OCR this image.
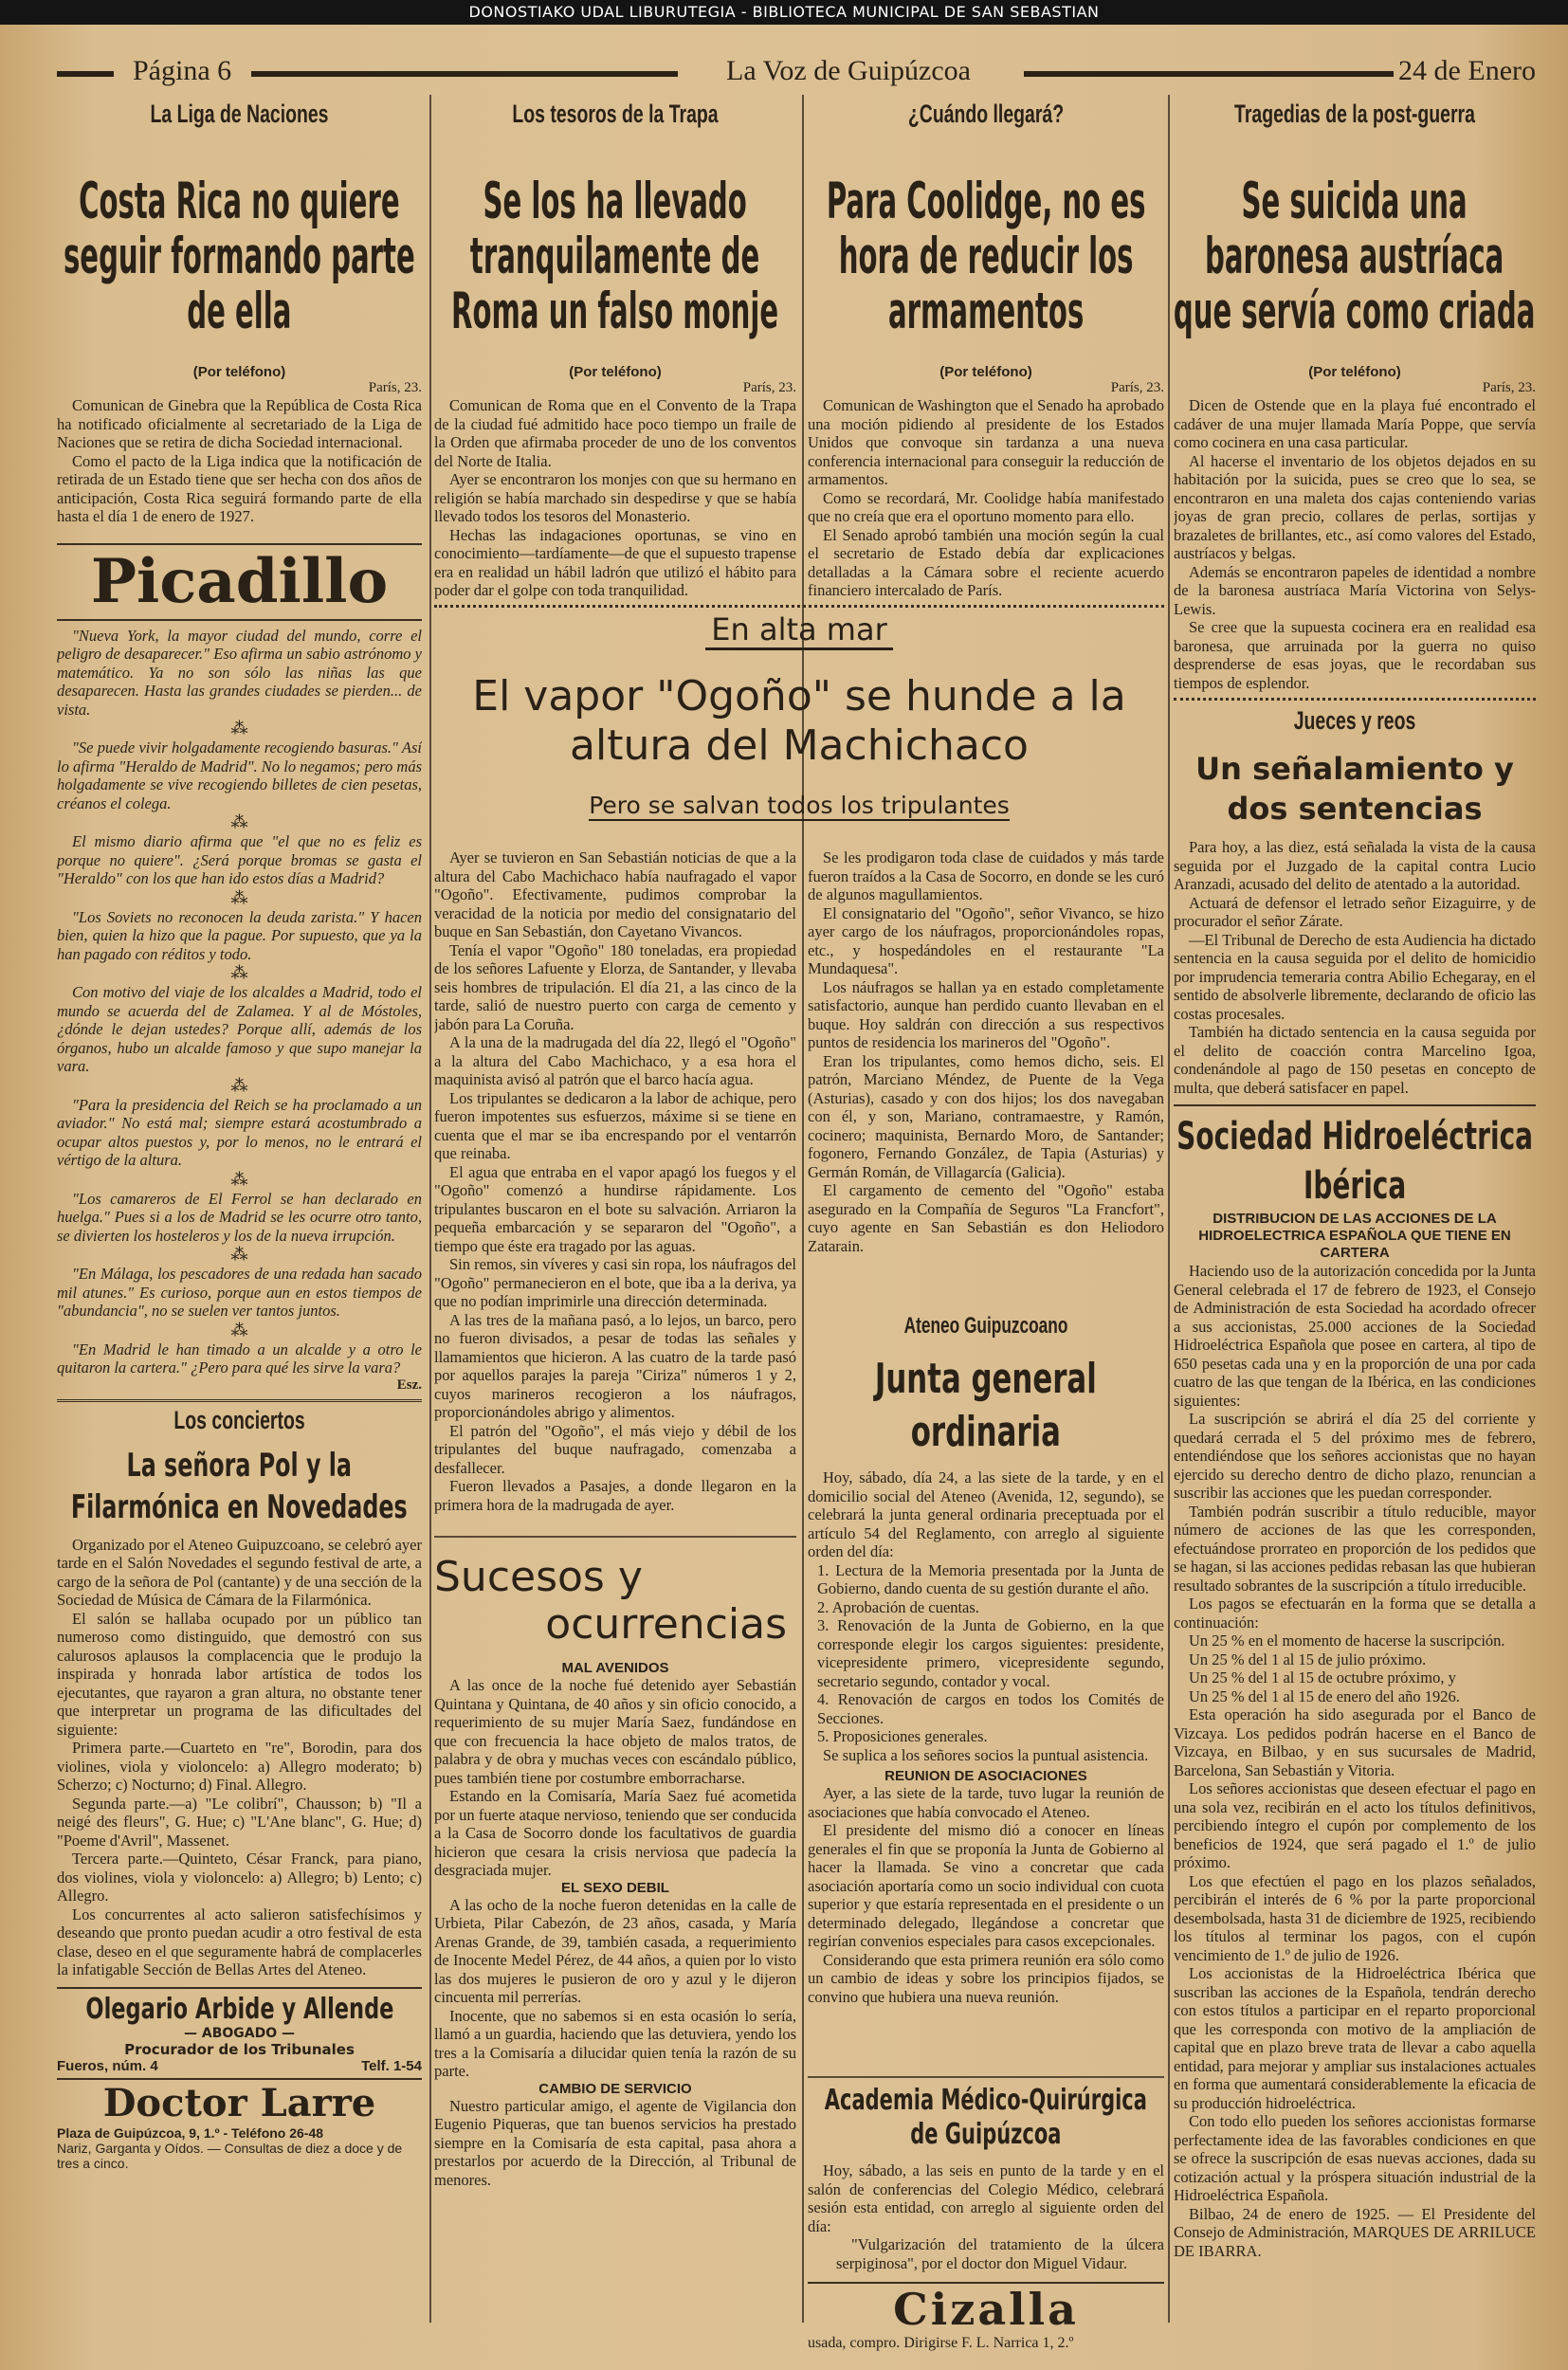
DONOSTIAKO UDAL LIBURUTEGIA - BIBLIOTECA MUNICIPAL DE SAN SEBASTIAN
Página 6	La Voz de Guipúzcoa	24 de Enero
La Liga de Naciones
Costa Rica no quiere seguir formando parte de ella
(Por teléfono)
París, 23.
Comunican de Ginebra que la República de Costa Rica ha notificado oficialmente al secretariado de la Liga de Naciones que se retira de dicha Sociedad internacional.
Como el pacto de la Liga indica que la notificación de retirada de un Estado tiene que ser hecha con dos años de anticipación, Costa Rica seguirá formando parte de ella hasta el día 1 de enero de 1927.
Picadillo
"Nueva York, la mayor ciudad del mundo, corre el peligro de desaparecer." Eso afirma un sabio astrónomo y matemático. Ya no son sólo las niñas las que desaparecen. Hasta las grandes ciudades se pierden... de vista.
⁂
"Se puede vivir holgadamente recogiendo basuras." Así lo afirma "Heraldo de Madrid". No lo negamos; pero más holgadamente se vive recogiendo billetes de cien pesetas, créanos el colega.
⁂
El mismo diario afirma que "el que no es feliz es porque no quiere". ¿Será porque bromas se gasta el "Heraldo" con los que han ido estos días a Madrid?
⁂
"Los Soviets no reconocen la deuda zarista." Y hacen bien, quien la hizo que la pague. Por supuesto, que ya la han pagado con réditos y todo.
⁂
Con motivo del viaje de los alcaldes a Madrid, todo el mundo se acuerda del de Zalamea. Y al de Móstoles, ¿dónde le dejan ustedes? Porque allí, además de los órganos, hubo un alcalde famoso y que supo manejar la vara.
⁂
"Para la presidencia del Reich se ha proclamado a un aviador." No está mal; siempre estará acostumbrado a ocupar altos puestos y, por lo menos, no le entrará el vértigo de la altura.
⁂
"Los camareros de El Ferrol se han declarado en huelga." Pues si a los de Madrid se les ocurre otro tanto, se divierten los hosteleros y los de la nueva irrupción.
⁂
"En Málaga, los pescadores de una redada han sacado mil atunes." Es curioso, porque aun en estos tiempos de "abundancia", no se suelen ver tantos juntos.
⁂
"En Madrid le han timado a un alcalde y a otro le quitaron la cartera." ¿Pero para qué les sirve la vara?
Esz.
Los conciertos
La señora Pol y la Filarmónica en Novedades
Organizado por el Ateneo Guipuzcoano, se celebró ayer tarde en el Salón Novedades el segundo festival de arte, a cargo de la señora de Pol (cantante) y de una sección de la Sociedad de Música de Cámara de la Filarmónica.
El salón se hallaba ocupado por un público tan numeroso como distinguido, que demostró con sus calurosos aplausos la complacencia que le produjo la inspirada y honrada labor artística de todos los ejecutantes, que rayaron a gran altura, no obstante tener que interpretar un programa de las dificultades del siguiente:
Primera parte.—Cuarteto en "re", Borodin, para dos violines, viola y violoncelo: a) Allegro moderato; b) Scherzo; c) Nocturno; d) Final. Allegro.
Segunda parte.—a) "Le colibrí", Chausson; b) "Il a neigé des fleurs", G. Hue; c) "L'Ane blanc", G. Hue; d) "Poeme d'Avril", Massenet.
Tercera parte.—Quinteto, César Franck, para piano, dos violines, viola y violoncelo: a) Allegro; b) Lento; c) Allegro.
Los concurrentes al acto salieron satisfechísimos y deseando que pronto puedan acudir a otro festival de esta clase, deseo en el que seguramente habrá de complacerles la infatigable Sección de Bellas Artes del Ateneo.
Olegario Arbide y Allende
— ABOGADO —
Procurador de los Tribunales
Fueros, núm. 4	Telf. 1-54
Doctor Larre
Plaza de Guipúzcoa, 9, 1.º - Teléfono 26-48
Nariz, Garganta y Oídos. — Consultas de diez a doce y de tres a cinco.
Los tesoros de la Trapa
Se los ha llevado tranquilamente de Roma un falso monje
(Por teléfono)
París, 23.
Comunican de Roma que en el Convento de la Trapa de la ciudad fué admitido hace poco tiempo un fraile de la Orden que afirmaba proceder de uno de los conventos del Norte de Italia.
Ayer se encontraron los monjes con que su hermano en religión se había marchado sin despedirse y que se había llevado todos los tesoros del Monasterio.
Hechas las indagaciones oportunas, se vino en conocimiento—tardíamente—de que el supuesto trapense era en realidad un hábil ladrón que utilizó el hábito para poder dar el golpe con toda tranquilidad.
¿Cuándo llegará?
Para Coolidge, no es hora de reducir los armamentos
(Por teléfono)
París, 23.
Comunican de Washington que el Senado ha aprobado una moción pidiendo al presidente de los Estados Unidos que convoque sin tardanza a una nueva conferencia internacional para conseguir la reducción de armamentos.
Como se recordará, Mr. Coolidge había manifestado que no creía que era el oportuno momento para ello.
El Senado aprobó también una moción según la cual el secretario de Estado debía dar explicaciones detalladas a la Cámara sobre el reciente acuerdo financiero intercalado de París.
En alta mar
El vapor "Ogoño" se hunde a la altura del Machichaco
Pero se salvan todos los tripulantes
Ayer se tuvieron en San Sebastián noticias de que a la altura del Cabo Machichaco había naufragado el vapor "Ogoño". Efectivamente, pudimos comprobar la veracidad de la noticia por medio del consignatario del buque en San Sebastián, don Cayetano Vivancos.
Tenía el vapor "Ogoño" 180 toneladas, era propiedad de los señores Lafuente y Elorza, de Santander, y llevaba seis hombres de tripulación. El día 21, a las cinco de la tarde, salió de nuestro puerto con carga de cemento y jabón para La Coruña.
A la una de la madrugada del día 22, llegó el "Ogoño" a la altura del Cabo Machichaco, y a esa hora el maquinista avisó al patrón que el barco hacía agua.
Los tripulantes se dedicaron a la labor de achique, pero fueron impotentes sus esfuerzos, máxime si se tiene en cuenta que el mar se iba encrespando por el ventarrón que reinaba.
El agua que entraba en el vapor apagó los fuegos y el "Ogoño" comenzó a hundirse rápidamente. Los tripulantes buscaron en el bote su salvación. Arriaron la pequeña embarcación y se separaron del "Ogoño", a tiempo que éste era tragado por las aguas.
Sin remos, sin víveres y casi sin ropa, los náufragos del "Ogoño" permanecieron en el bote, que iba a la deriva, ya que no podían imprimirle una dirección determinada.
A las tres de la mañana pasó, a lo lejos, un barco, pero no fueron divisados, a pesar de todas las señales y llamamientos que hicieron. A las cuatro de la tarde pasó por aquellos parajes la pareja "Ciriza" números 1 y 2, cuyos marineros recogieron a los náufragos, proporcionándoles abrigo y alimentos.
El patrón del "Ogoño", el más viejo y débil de los tripulantes del buque naufragado, comenzaba a desfallecer.
Fueron llevados a Pasajes, a donde llegaron en la primera hora de la madrugada de ayer.
Se les prodigaron toda clase de cuidados y más tarde fueron traídos a la Casa de Socorro, en donde se les curó de algunos magullamientos.
El consignatario del "Ogoño", señor Vivanco, se hizo ayer cargo de los náufragos, proporcionándoles ropas, etc., y hospedándoles en el restaurante "La Mundaquesa".
Los náufragos se hallan ya en estado completamente satisfactorio, aunque han perdido cuanto llevaban en el buque. Hoy saldrán con dirección a sus respectivos puntos de residencia los marineros del "Ogoño".
Eran los tripulantes, como hemos dicho, seis. El patrón, Marciano Méndez, de Puente de la Vega (Asturias), casado y con dos hijos; los dos navegaban con él, y son, Mariano, contramaestre, y Ramón, cocinero; maquinista, Bernardo Moro, de Santander; fogonero, Fernando González, de Tapia (Asturias) y Germán Román, de Villagarcía (Galicia).
El cargamento de cemento del "Ogoño" estaba asegurado en la Compañía de Seguros "La Francfort", cuyo agente en San Sebastián es don Heliodoro Zatarain.
Ateneo Guipuzcoano
Junta general ordinaria
Hoy, sábado, día 24, a las siete de la tarde, y en el domicilio social del Ateneo (Avenida, 12, segundo), se celebrará la junta general ordinaria preceptuada por el artículo 54 del Reglamento, con arreglo al siguiente orden del día:
1. Lectura de la Memoria presentada por la Junta de Gobierno, dando cuenta de su gestión durante el año.
2. Aprobación de cuentas.
3. Renovación de la Junta de Gobierno, en la que corresponde elegir los cargos siguientes: presidente, vicepresidente primero, vicepresidente segundo, secretario segundo, contador y vocal.
4. Renovación de cargos en todos los Comités de Secciones.
5. Proposiciones generales.
Se suplica a los señores socios la puntual asistencia.
REUNION DE ASOCIACIONES
Ayer, a las siete de la tarde, tuvo lugar la reunión de asociaciones que había convocado el Ateneo.
El presidente del mismo dió a conocer en líneas generales el fin que se proponía la Junta de Gobierno al hacer la llamada. Se vino a concretar que cada asociación aportaría como un socio individual con cuota superior y que estaría representada en el presidente o un determinado delegado, llegándose a concretar que regirían convenios especiales para casos excepcionales.
Considerando que esta primera reunión era sólo como un cambio de ideas y sobre los principios fijados, se convino que hubiera una nueva reunión.
Sucesos y
ocurrencias
MAL AVENIDOS
A las once de la noche fué detenido ayer Sebastián Quintana y Quintana, de 40 años y sin oficio conocido, a requerimiento de su mujer María Saez, fundándose en que con frecuencia la hace objeto de malos tratos, de palabra y de obra y muchas veces con escándalo público, pues también tiene por costumbre emborracharse.
Estando en la Comisaría, María Saez fué acometida por un fuerte ataque nervioso, teniendo que ser conducida a la Casa de Socorro donde los facultativos de guardia hicieron que cesara la crisis nerviosa que padecía la desgraciada mujer.
EL SEXO DEBIL
A las ocho de la noche fueron detenidas en la calle de Urbieta, Pilar Cabezón, de 23 años, casada, y María Arenas Grande, de 39, también casada, a requerimiento de Inocente Medel Pérez, de 44 años, a quien por lo visto las dos mujeres le pusieron de oro y azul y le dijeron cincuenta mil perrerías.
Inocente, que no sabemos si en esta ocasión lo sería, llamó a un guardia, haciendo que las detuviera, yendo los tres a la Comisaría a dilucidar quien tenía la razón de su parte.
CAMBIO DE SERVICIO
Nuestro particular amigo, el agente de Vigilancia don Eugenio Piqueras, que tan buenos servicios ha prestado siempre en la Comisaría de esta capital, pasa ahora a prestarlos por acuerdo de la Dirección, al Tribunal de menores.
Academia Médico-Quirúrgica de Guipúzcoa
Hoy, sábado, a las seis en punto de la tarde y en el salón de conferencias del Colegio Médico, celebrará sesión esta entidad, con arreglo al siguiente orden del día:
"Vulgarización del tratamiento de la úlcera serpiginosa", por el doctor don Miguel Vidaur.
Cizalla
usada, compro. Dirigirse F. L. Narrica 1, 2.º
Tragedias de la post-guerra
Se suicida una baronesa austríaca que servía como criada
(Por teléfono)
París, 23.
Dicen de Ostende que en la playa fué encontrado el cadáver de una mujer llamada María Poppe, que servía como cocinera en una casa particular.
Al hacerse el inventario de los objetos dejados en su habitación por la suicida, pues se creo que lo sea, se encontraron en una maleta dos cajas conteniendo varias joyas de gran precio, collares de perlas, sortijas y brazaletes de brillantes, etc., así como valores del Estado, austríacos y belgas.
Además se encontraron papeles de identidad a nombre de la baronesa austríaca María Victorina von Selys-Lewis.
Se cree que la supuesta cocinera era en realidad esa baronesa, que arruinada por la guerra no quiso desprenderse de esas joyas, que le recordaban sus tiempos de esplendor.
Jueces y reos
Un señalamiento y dos sentencias
Para hoy, a las diez, está señalada la vista de la causa seguida por el Juzgado de la capital contra Lucio Aranzadi, acusado del delito de atentado a la autoridad.
Actuará de defensor el letrado señor Eizaguirre, y de procurador el señor Zárate.
—El Tribunal de Derecho de esta Audiencia ha dictado sentencia en la causa seguida por el delito de homicidio por imprudencia temeraria contra Abilio Echegaray, en el sentido de absolverle libremente, declarando de oficio las costas procesales.
También ha dictado sentencia en la causa seguida por el delito de coacción contra Marcelino Igoa, condenándole al pago de 150 pesetas en concepto de multa, que deberá satisfacer en papel.
Sociedad Hidroeléctrica Ibérica
DISTRIBUCION DE LAS ACCIONES DE LA HIDROELECTRICA ESPAÑOLA QUE TIENE EN CARTERA
Haciendo uso de la autorización concedida por la Junta General celebrada el 17 de febrero de 1923, el Consejo de Administración de esta Sociedad ha acordado ofrecer a sus accionistas, 25.000 acciones de la Sociedad Hidroeléctrica Española que posee en cartera, al tipo de 650 pesetas cada una y en la proporción de una por cada cuatro de las que tengan de la Ibérica, en las condiciones siguientes:
La suscripción se abrirá el día 25 del corriente y quedará cerrada el 5 del próximo mes de febrero, entendiéndose que los señores accionistas que no hayan ejercido su derecho dentro de dicho plazo, renuncian a suscribir las acciones que les puedan corresponder.
También podrán suscribir a título reducible, mayor número de acciones de las que les corresponden, efectuándose prorrateo en proporción de los pedidos que se hagan, si las acciones pedidas rebasan las que hubieran resultado sobrantes de la suscripción a título irreducible.
Los pagos se efectuarán en la forma que se detalla a continuación:
Un 25 % en el momento de hacerse la suscripción.
Un 25 % del 1 al 15 de julio próximo.
Un 25 % del 1 al 15 de octubre próximo, y
Un 25 % del 1 al 15 de enero del año 1926.
Esta operación ha sido asegurada por el Banco de Vizcaya. Los pedidos podrán hacerse en el Banco de Vizcaya, en Bilbao, y en sus sucursales de Madrid, Barcelona, San Sebastián y Vitoria.
Los señores accionistas que deseen efectuar el pago en una sola vez, recibirán en el acto los títulos definitivos, percibiendo íntegro el cupón por complemento de los beneficios de 1924, que será pagado el 1.º de julio próximo.
Los que efectúen el pago en los plazos señalados, percibirán el interés de 6 % por la parte proporcional desembolsada, hasta 31 de diciembre de 1925, recibiendo los títulos al terminar los pagos, con el cupón vencimiento de 1.º de julio de 1926.
Los accionistas de la Hidroeléctrica Ibérica que suscriban las acciones de la Española, tendrán derecho con estos títulos a participar en el reparto proporcional que les corresponda con motivo de la ampliación de capital que en plazo breve trata de llevar a cabo aquella entidad, para mejorar y ampliar sus instalaciones actuales en forma que aumentará considerablemente la eficacia de su producción hidroeléctrica.
Con todo ello pueden los señores accionistas formarse perfectamente idea de las favorables condiciones en que se ofrece la suscripción de esas nuevas acciones, dada su cotización actual y la próspera situación industrial de la Hidroeléctrica Española.
Bilbao, 24 de enero de 1925. — El Presidente del Consejo de Administración, MARQUES DE ARRILUCE DE IBARRA.
